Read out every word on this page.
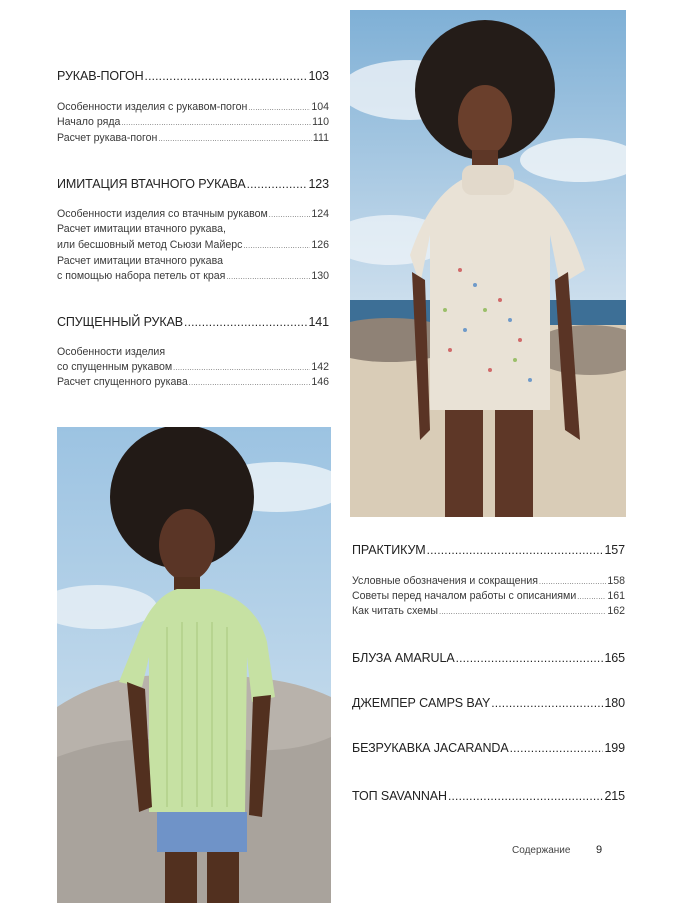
РУКАВ-ПОГОН .....	103
Особенности изделия с рукавом-погон .....	104
Начало ряда .....	110
Расчет рукава-погон .....	111
ИМИТАЦИЯ ВТАЧНОГО РУКАВА .....	123
Особенности изделия со втачным рукавом .....	124
Расчет имитации втачного рукава,
или бесшовный метод Сьюзи Майерс .....	126
Расчет имитации втачного рукава
с помощью набора петель от края .....	130
СПУЩЕННЫЙ РУКАВ .....	141
Особенности изделия
со спущенным рукавом .....	142
Расчет спущенного рукава .....	146
ПРАКТИКУМ .....	157
Условные обозначения и сокращения .....	158
Советы перед началом работы с описаниями .....	161
Как читать схемы .....	162
БЛУЗА AMARULA .....	165
ДЖЕМПЕР CAMPS BAY .....	180
БЕЗРУКАВКА JACARANDA .....	199
ТОП SAVANNAH .....	215
Содержание 9
